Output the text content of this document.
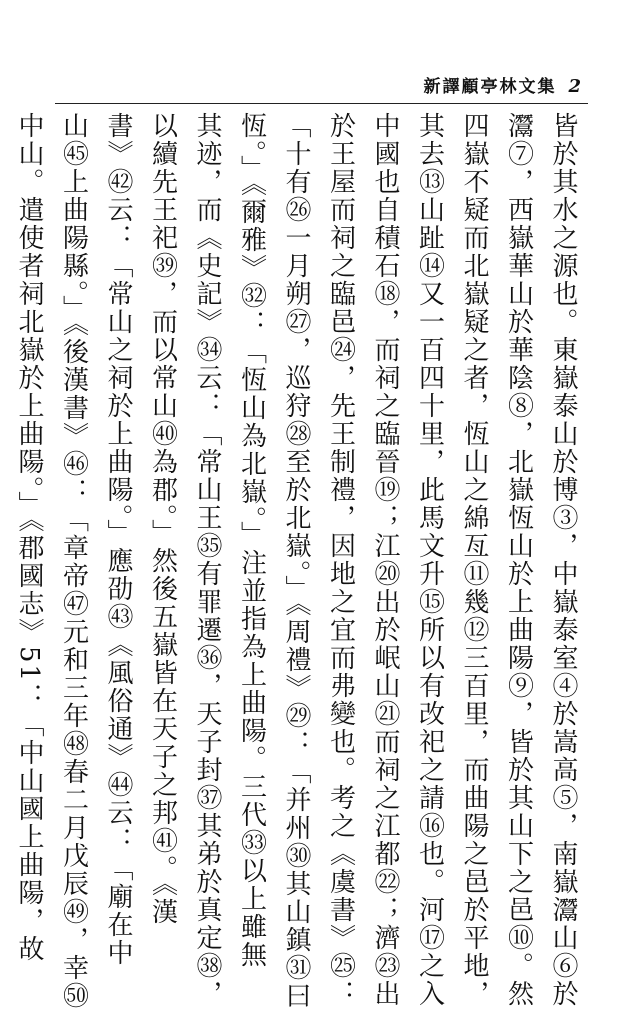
新譯顧亭林文集 2
皆於其水之源也。東嶽泰山於博③，中嶽泰室④於嵩高⑤，南嶽灊山⑥於
灊⑦，西嶽華山於華陰⑧，北嶽恆山於上曲陽⑨，皆於其山下之邑⑩。然
四嶽不疑而北嶽疑之者，恆山之綿亙⑪幾⑫三百里，而曲陽之邑於平地，
其去⑬山趾⑭又一百四十里，此馬文升⑮所以有改祀之請⑯也。河⑰之入
中國也自積石⑱，而祠之臨晉⑲；江⑳出於岷山㉑而祠之江都㉒；濟㉓出
於王屋而祠之臨邑㉔，先王制禮，因地之宜而弗變也。考之《虞書》㉕：
「十有㉖一月朔㉗，巡狩㉘至於北嶽。」《周禮》㉙：「并州㉚其山鎮㉛曰
恆。」《爾雅》㉜：「恆山為北嶽。」注並指為上曲陽。三代㉝以上雖無
其迹，而《史記》㉞云：「常山王㉟有罪遷㊱，天子封㊲其弟於真定㊳，
以續先王祀㊴，而以常山㊵為郡。」然後五嶽皆在天子之邦㊶。《漢
書》㊷云：「常山之祠於上曲陽。」應劭㊸《風俗通》㊹云：「廟在中
山㊺上曲陽縣。」《後漢書》㊻：「章帝㊼元和三年㊽春二月戊辰㊾，幸㊿
中山。遣使者祠北嶽於上曲陽。」《郡國志》51：「中山國上曲陽，故
